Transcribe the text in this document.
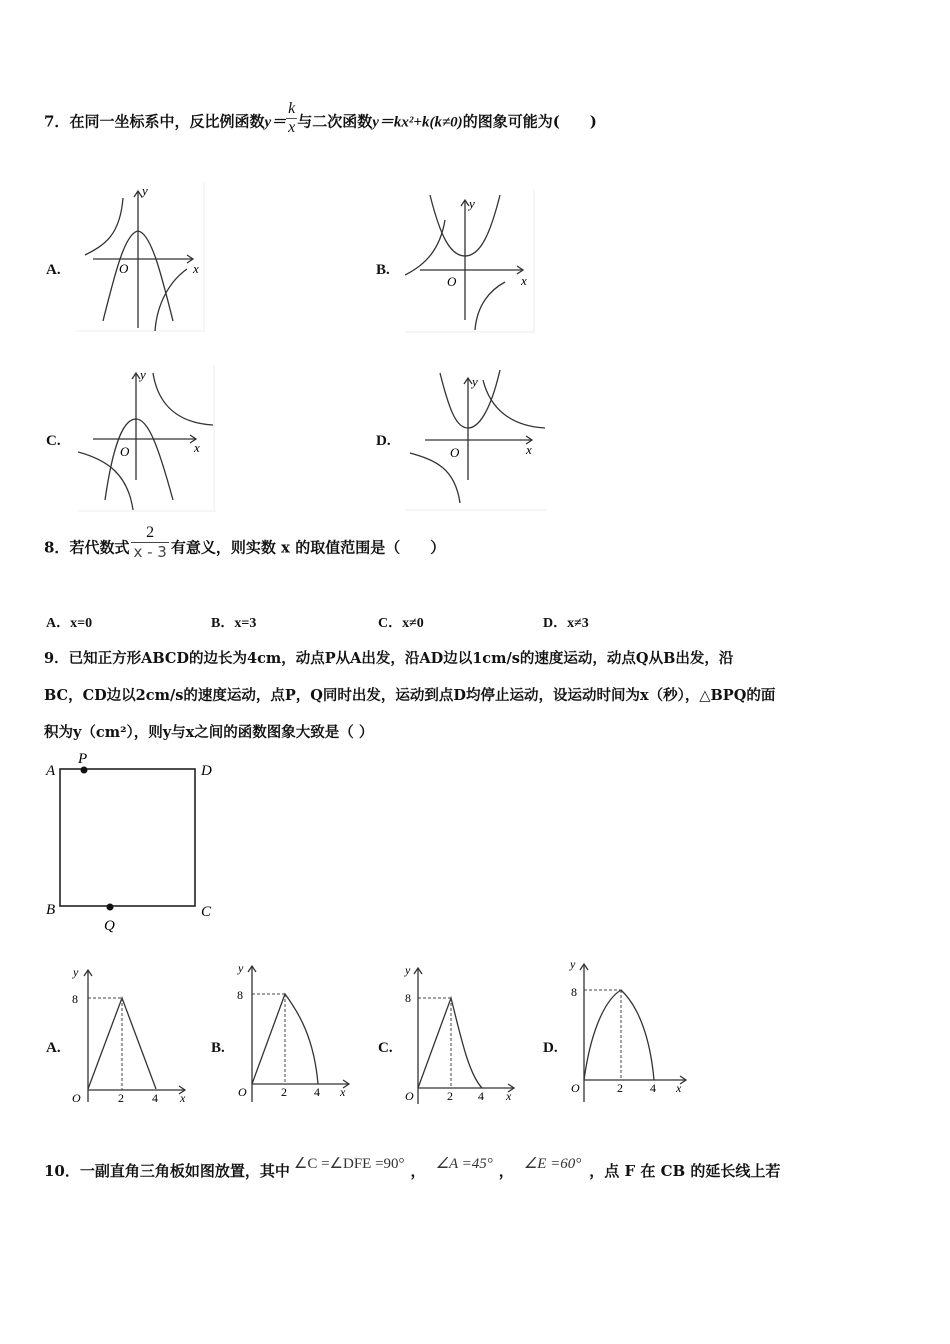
7．在同一坐标系中，反比例函数$y= \frac{k}{x}$ 与二次函数y＝kx²+k(k≠0)的图象可能为(　　)
A.
y
x
O	B.
y
x
O
C.
y
x
O
D.
y
x
O
8．若代数式 $\frac{2}{x - 3}$ 有意义，则实数 x 的取值范围是（　　）
A．x=0	B．x=3	C．x≠0	D．x≠3
9．已知正方形ABCD的边长为4cm，动点P从A出发，沿AD边以1cm/s的速度运动，动点Q从B出发，沿
BC，CD边以2cm/s的速度运动，点P，Q同时出发，运动到点D均停止运动，设运动时间为x（秒），△BPQ的面
积为y（cm²），则y与x之间的函数图象大致是（ ）
A	D
B	C
P
Q
A.
y
8
O	2 4 x
B.
y
8
O	2 4 x
C.
y
8
O	2 4 x
D.
y
8
O	2 4 x
10．一副直角三角板如图放置，其中 ∠C =∠DFE =90° ， ∠A =45° ， ∠E =60° ，点 F 在 CB 的延长线上若
